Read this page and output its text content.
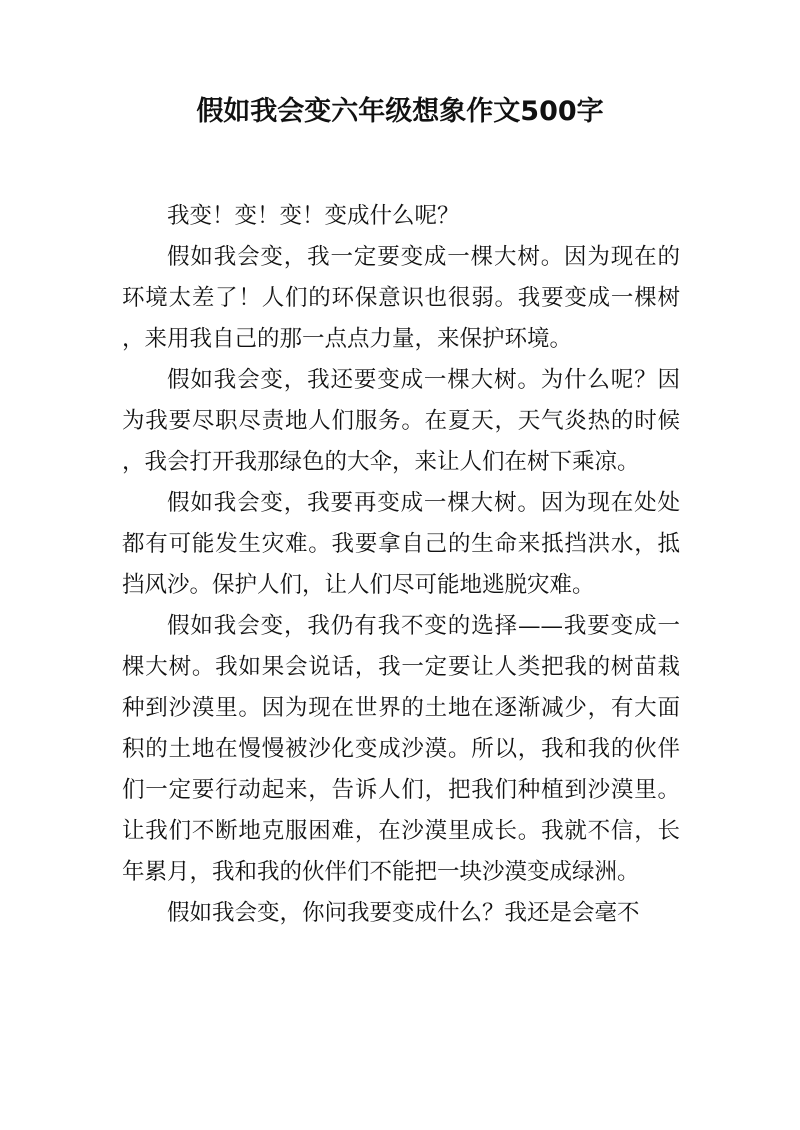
假如我会变六年级想象作文500字

我变！变！变！变成什么呢？

假如我会变，我一定要变成一棵大树。因为现在的环境太差了！人们的环保意识也很弱。我要变成一棵树，来用我自己的那一点点力量，来保护环境。

假如我会变，我还要变成一棵大树。为什么呢？因为我要尽职尽责地人们服务。在夏天，天气炎热的时候，我会打开我那绿色的大伞，来让人们在树下乘凉。

假如我会变，我要再变成一棵大树。因为现在处处都有可能发生灾难。我要拿自己的生命来抵挡洪水，抵挡风沙。保护人们，让人们尽可能地逃脱灾难。

假如我会变，我仍有我不变的选择——我要变成一棵大树。我如果会说话，我一定要让人类把我的树苗栽种到沙漠里。因为现在世界的土地在逐渐减少，有大面积的土地在慢慢被沙化变成沙漠。所以，我和我的伙伴们一定要行动起来，告诉人们，把我们种植到沙漠里。让我们不断地克服困难，在沙漠里成长。我就不信，长年累月，我和我的伙伴们不能把一块沙漠变成绿洲。

假如我会变，你问我要变成什么？我还是会毫不
